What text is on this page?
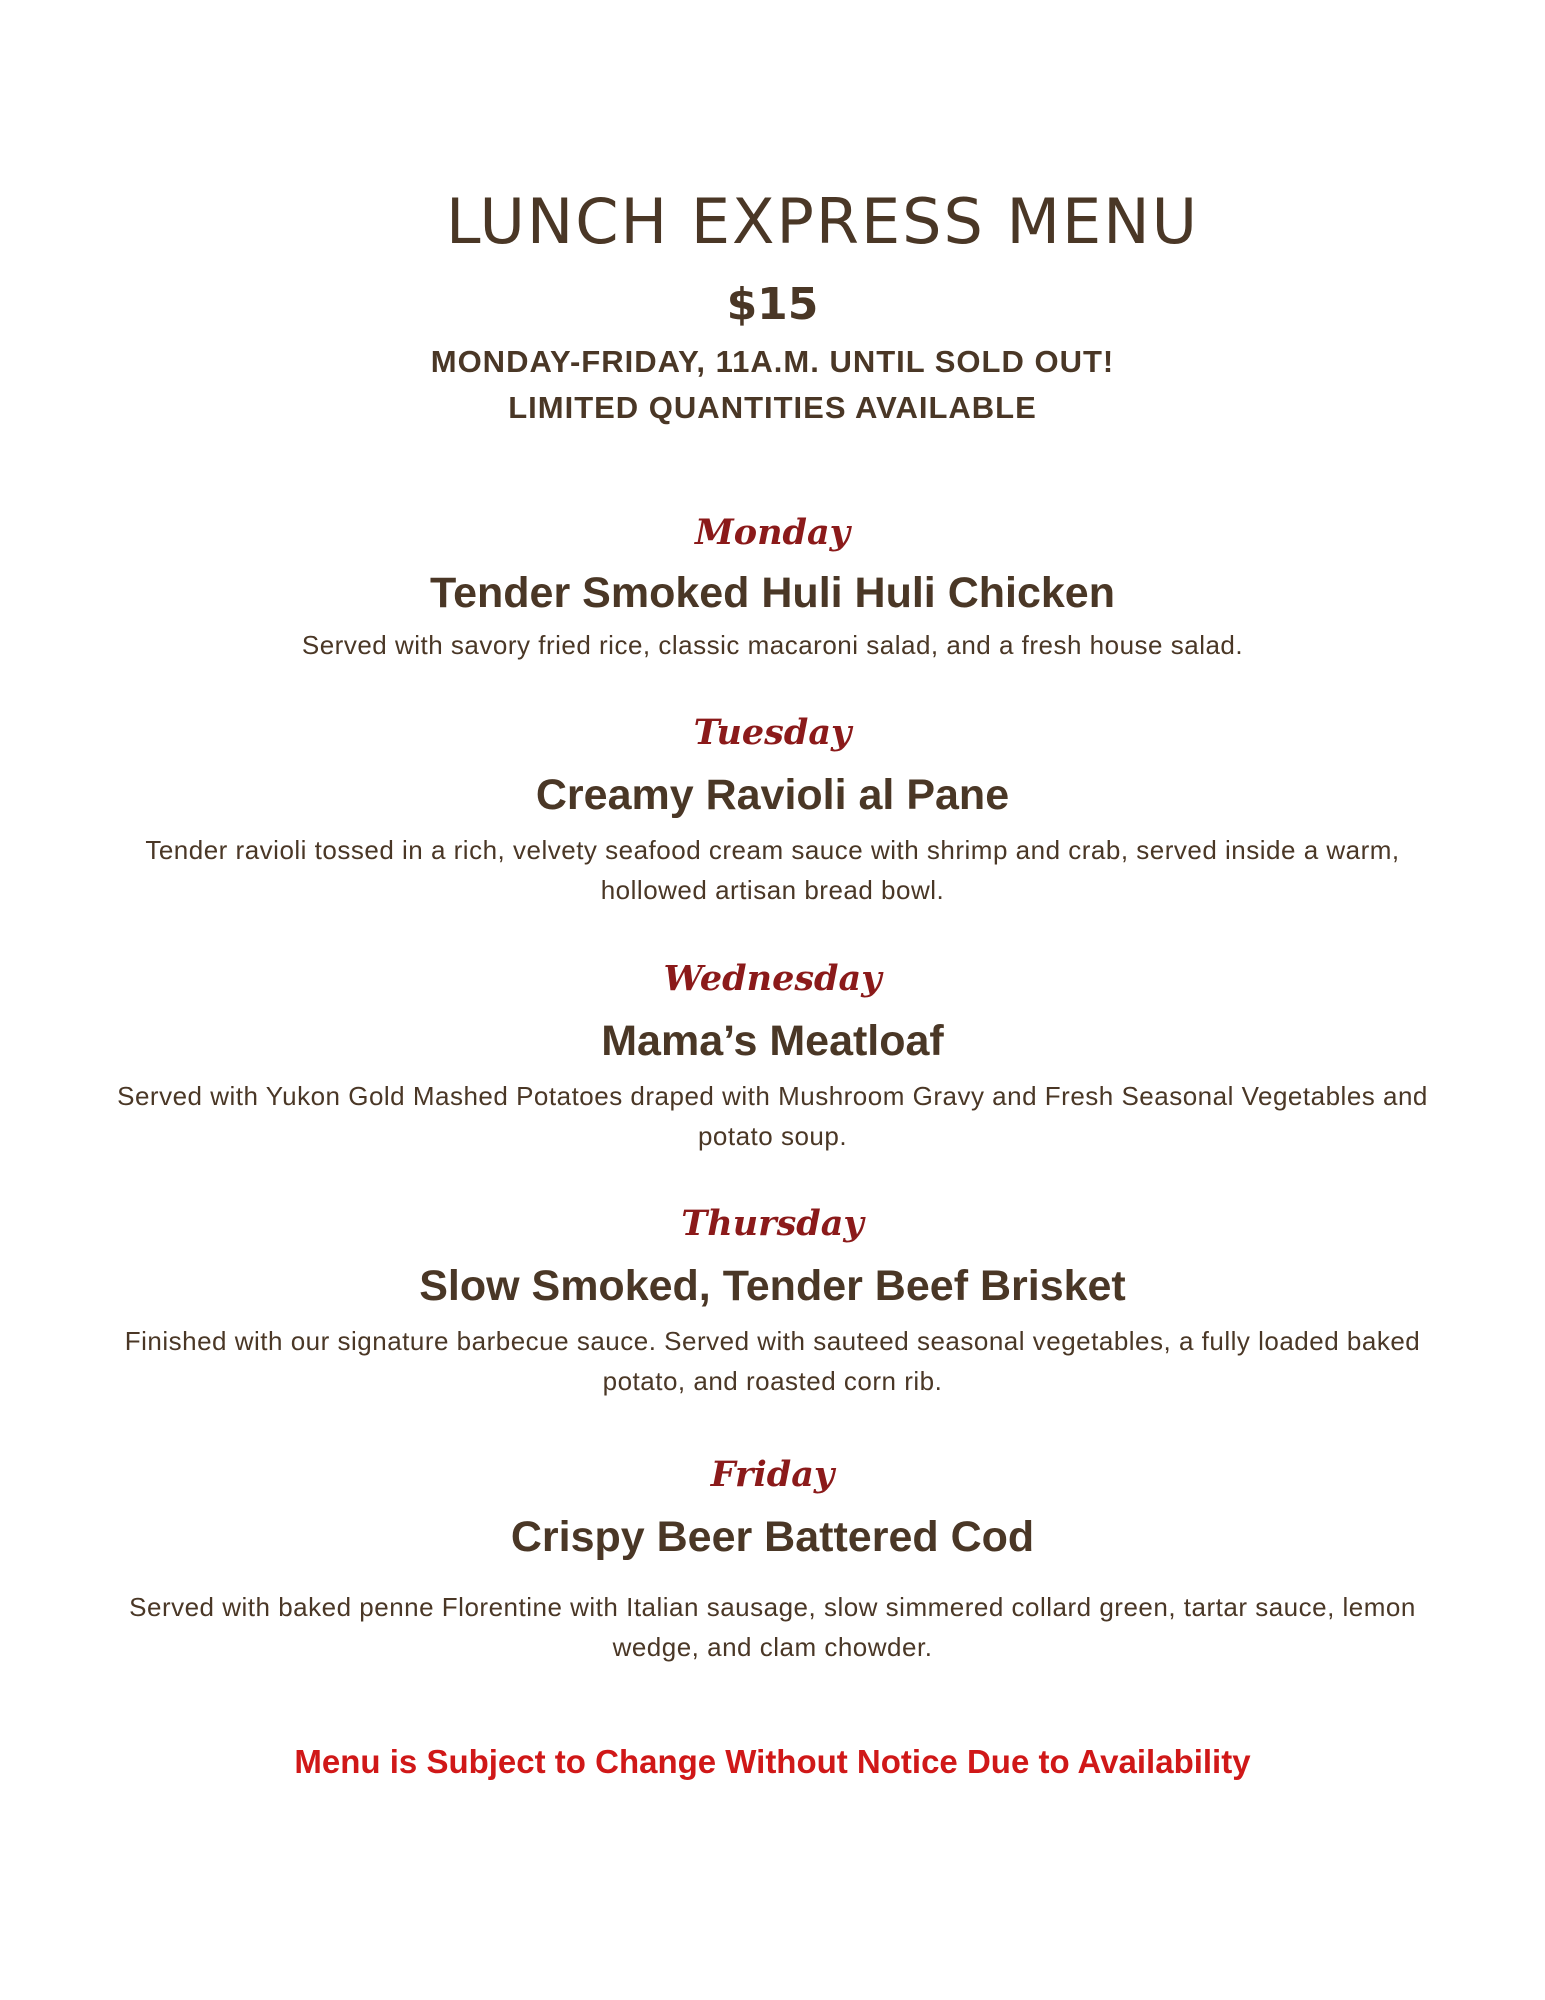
LUNCH EXPRESS MENU
$15
MONDAY-FRIDAY, 11A.M. UNTIL SOLD OUT!
LIMITED QUANTITIES AVAILABLE
Monday
Tender Smoked Huli Huli Chicken
Served with savory fried rice, classic macaroni salad, and a fresh house salad.
Tuesday
Creamy Ravioli al Pane
Tender ravioli tossed in a rich, velvety seafood cream sauce with shrimp and crab, served inside a warm, hollowed artisan bread bowl.
Wednesday
Mama’s Meatloaf
Served with Yukon Gold Mashed Potatoes draped with Mushroom Gravy and Fresh Seasonal Vegetables and potato soup.
Thursday
Slow Smoked, Tender Beef Brisket
Finished with our signature barbecue sauce. Served with sauteed seasonal vegetables, a fully loaded baked potato, and roasted corn rib.
Friday
Crispy Beer Battered Cod
Served with baked penne Florentine with Italian sausage, slow simmered collard green, tartar sauce, lemon wedge, and clam chowder.
Menu is Subject to Change Without Notice Due to Availability
